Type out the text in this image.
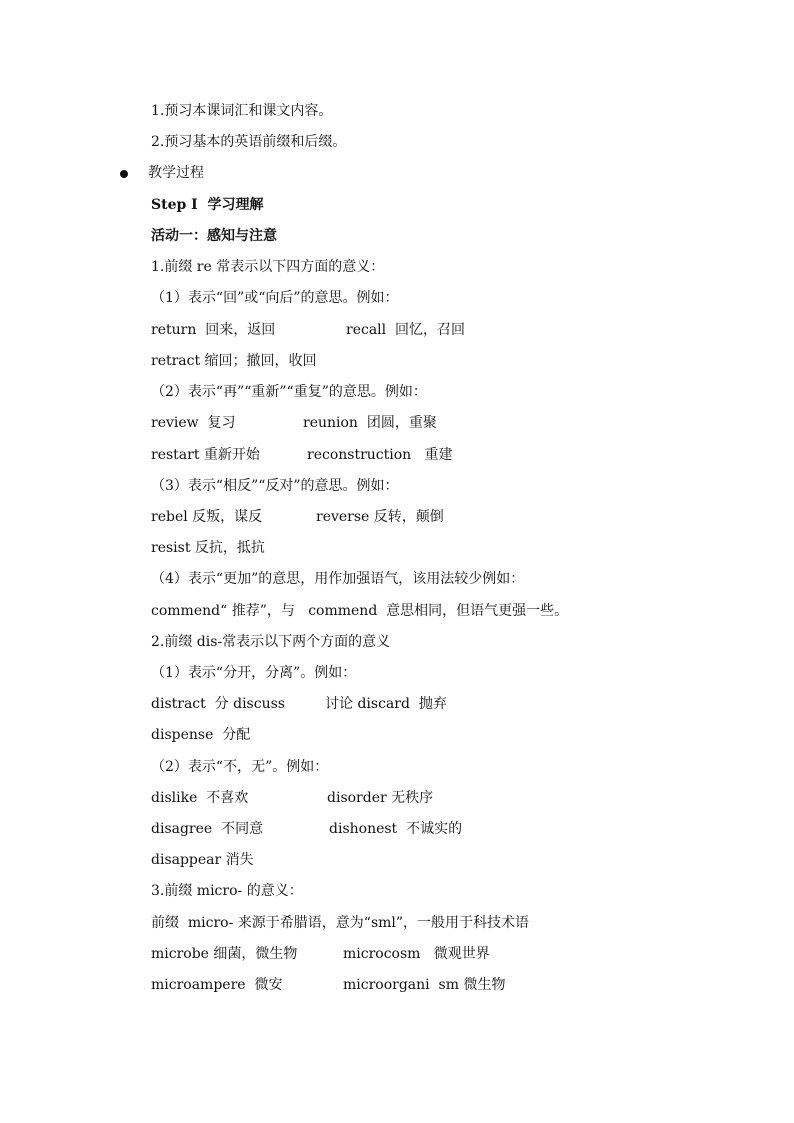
1.预习本课词汇和课文内容。
2.预习基本的英语前缀和后缀。
教学过程
Step I  学习理解
活动一：感知与注意
1.前缀 re 常表示以下四方面的意义：
（1）表示“回”或“向后”的意思。例如：
return  回来，返回	recall  回忆，召回
retract 缩回；撤回，收回
（2）表示“再”“重新”“重复”的意思。例如：
review  复习	reunion  团圆，重聚
restart 重新开始	reconstruction   重建
（3）表示“相反”“反对”的意思。例如：
rebel 反叛，谋反	reverse 反转，颠倒
resist 反抗，抵抗
（4）表示“更加”的意思，用作加强语气，该用法较少例如：
commend“ 推荐”，与   commend  意思相同，但语气更强一些。
2.前缀 dis-常表示以下两个方面的意义
（1）表示“分开，分离”。例如：
distract  分 discuss	讨论 discard  抛弃
dispense  分配
（2）表示“不，无”。例如：
dislike  不喜欢	disorder 无秩序
disagree  不同意	dishonest  不诚实的
disappear 消失
3.前缀 micro- 的意义：
前缀  micro- 来源于希腊语，意为“sml”，一般用于科技术语
microbe 细菌，微生物	microcosm   微观世界
microampere  微安	microorgani  sm 微生物
